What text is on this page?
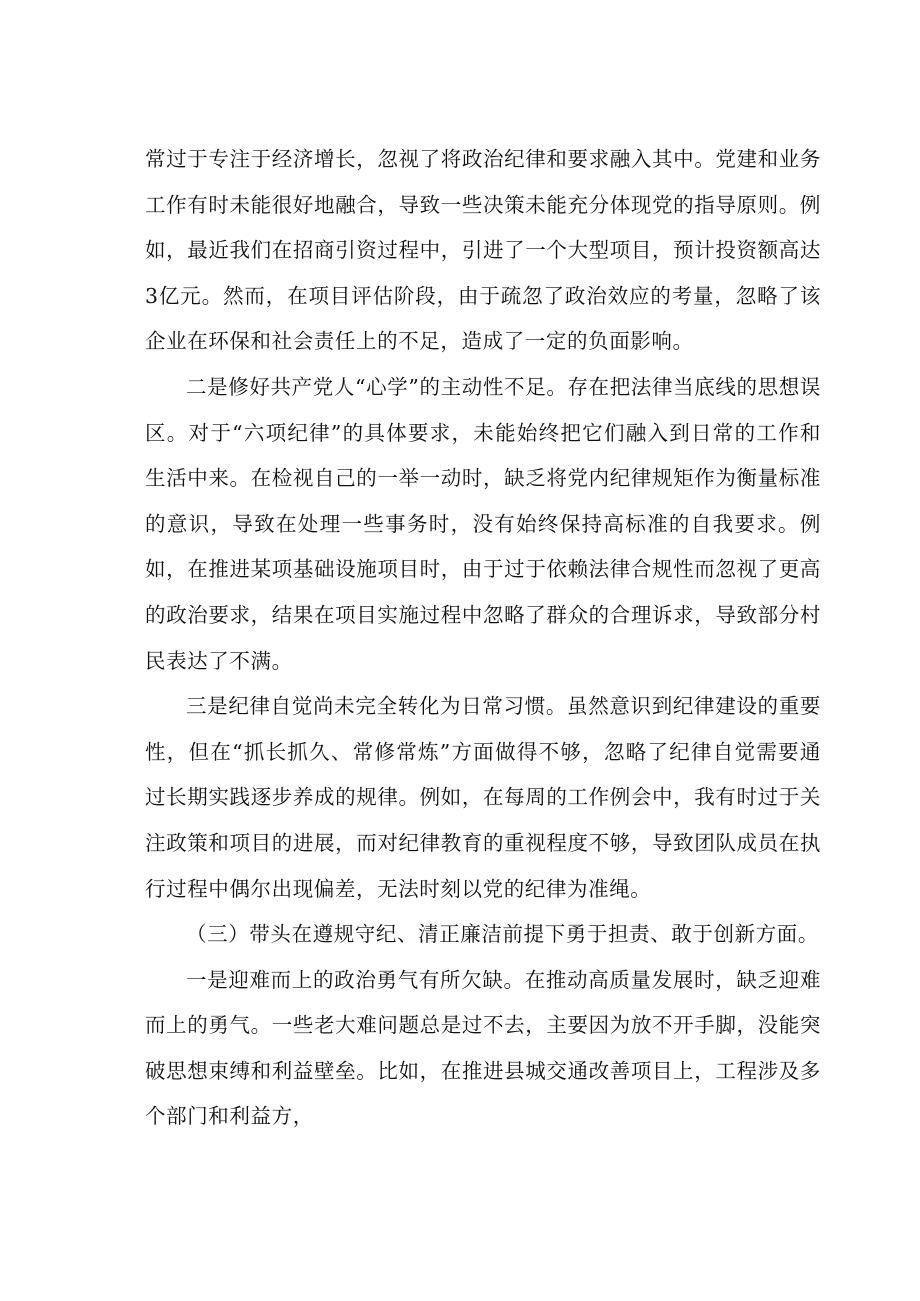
常过于专注于经济增长，忽视了将政治纪律和要求融入其中。党建和业务工作有时未能很好地融合，导致一些决策未能充分体现党的指导原则。例如，最近我们在招商引资过程中，引进了一个大型项目，预计投资额高达3亿元。然而，在项目评估阶段，由于疏忽了政治效应的考量，忽略了该企业在环保和社会责任上的不足，造成了一定的负面影响。

二是修好共产党人“心学”的主动性不足。存在把法律当底线的思想误区。对于“六项纪律”的具体要求，未能始终把它们融入到日常的工作和生活中来。在检视自己的一举一动时，缺乏将党内纪律规矩作为衡量标准的意识，导致在处理一些事务时，没有始终保持高标准的自我要求。例如，在推进某项基础设施项目时，由于过于依赖法律合规性而忽视了更高的政治要求，结果在项目实施过程中忽略了群众的合理诉求，导致部分村民表达了不满。

三是纪律自觉尚未完全转化为日常习惯。虽然意识到纪律建设的重要性，但在“抓长抓久、常修常炼”方面做得不够，忽略了纪律自觉需要通过长期实践逐步养成的规律。例如，在每周的工作例会中，我有时过于关注政策和项目的进展，而对纪律教育的重视程度不够，导致团队成员在执行过程中偶尔出现偏差，无法时刻以党的纪律为准绳。

（三）带头在遵规守纪、清正廉洁前提下勇于担责、敢于创新方面。

一是迎难而上的政治勇气有所欠缺。在推动高质量发展时，缺乏迎难而上的勇气。一些老大难问题总是过不去，主要因为放不开手脚，没能突破思想束缚和利益壁垒。比如，在推进县城交通改善项目上，工程涉及多个部门和利益方，
